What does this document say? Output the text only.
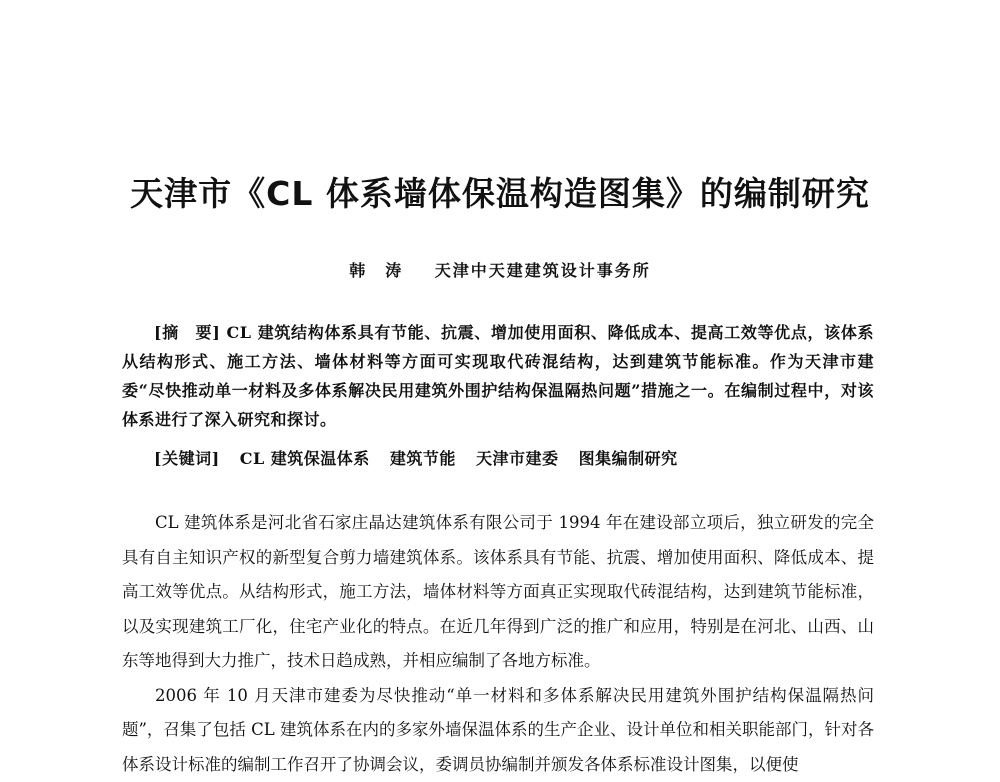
天津市《CL 体系墙体保温构造图集》的编制研究
韩　涛 天津中天建建筑设计事务所
[摘　要] CL 建筑结构体系具有节能、抗震、增加使用面积、降低成本、提高工效等优点，该体系从结构形式、施工方法、墙体材料等方面可实现取代砖混结构，达到建筑节能标准。作为天津市建委“尽快推动单一材料及多体系解决民用建筑外围护结构保温隔热问题”措施之一。在编制过程中，对该体系进行了深入研究和探讨。
[关键词] CL 建筑保温体系 建筑节能 天津市建委 图集编制研究

CL 建筑体系是河北省石家庄晶达建筑体系有限公司于 1994 年在建设部立项后，独立研发的完全具有自主知识产权的新型复合剪力墙建筑体系。该体系具有节能、抗震、增加使用面积、降低成本、提高工效等优点。从结构形式，施工方法，墙体材料等方面真正实现取代砖混结构，达到建筑节能标准，以及实现建筑工厂化，住宅产业化的特点。在近几年得到广泛的推广和应用，特别是在河北、山西、山东等地得到大力推广，技术日趋成熟，并相应编制了各地方标准。

2006 年 10 月天津市建委为尽快推动“单一材料和多体系解决民用建筑外围护结构保温隔热问题”，召集了包括 CL 建筑体系在内的多家外墙保温体系的生产企业、设计单位和相关职能部门，针对各体系设计标准的编制工作召开了协调会议，委调员协编制并颁发各体系标准设计图集，以便使
